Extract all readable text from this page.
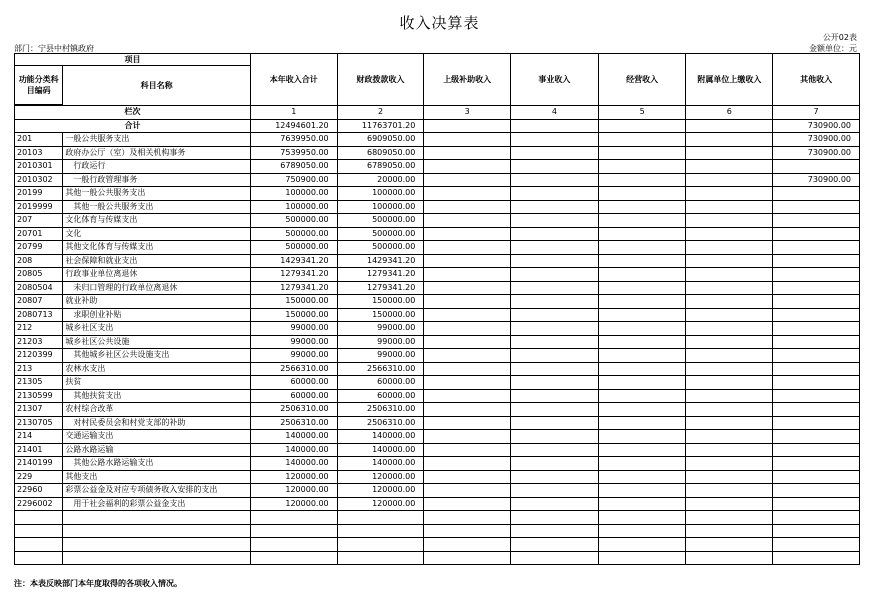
收入决算表
公开02表
部门：宁县中村镇政府	金额单位：元
项目		本年收入合计	财政拨款收入	上级补助收入	事业收入	经营收入	附属单位上缴收入	其他收入
功能分类科目编码	科目名称							

栏次		1	2	3	4	5	6	7
合计		12494601.20	11763701.20					730900.00
201	一般公共服务支出	7639950.00	6909050.00					730900.00
20103	政府办公厅（室）及相关机构事务	7539950.00	6809050.00					730900.00
2010301	行政运行	6789050.00	6789050.00					
2010302	一般行政管理事务	750900.00	20000.00					730900.00
20199	其他一般公共服务支出	100000.00	100000.00					
2019999	其他一般公共服务支出	100000.00	100000.00					
207	文化体育与传媒支出	500000.00	500000.00					
20701	文化	500000.00	500000.00					
20799	其他文化体育与传媒支出	500000.00	500000.00					
208	社会保障和就业支出	1429341.20	1429341.20					
20805	行政事业单位离退休	1279341.20	1279341.20					
2080504	未归口管理的行政单位离退休	1279341.20	1279341.20					
20807	就业补助	150000.00	150000.00					
2080713	求职创业补贴	150000.00	150000.00					
212	城乡社区支出	99000.00	99000.00					
21203	城乡社区公共设施	99000.00	99000.00					
2120399	其他城乡社区公共设施支出	99000.00	99000.00					
213	农林水支出	2566310.00	2566310.00					
21305	扶贫	60000.00	60000.00					
2130599	其他扶贫支出	60000.00	60000.00					
21307	农村综合改革	2506310.00	2506310.00					
2130705	对村民委员会和村党支部的补助	2506310.00	2506310.00					
214	交通运输支出	140000.00	140000.00					
21401	公路水路运输	140000.00	140000.00					
2140199	其他公路水路运输支出	140000.00	140000.00					
229	其他支出	120000.00	120000.00					
22960	彩票公益金及对应专项债务收入安排的支出	120000.00	120000.00					
2296002	用于社会福利的彩票公益金支出	120000.00	120000.00					

注：本表反映部门本年度取得的各项收入情况。
